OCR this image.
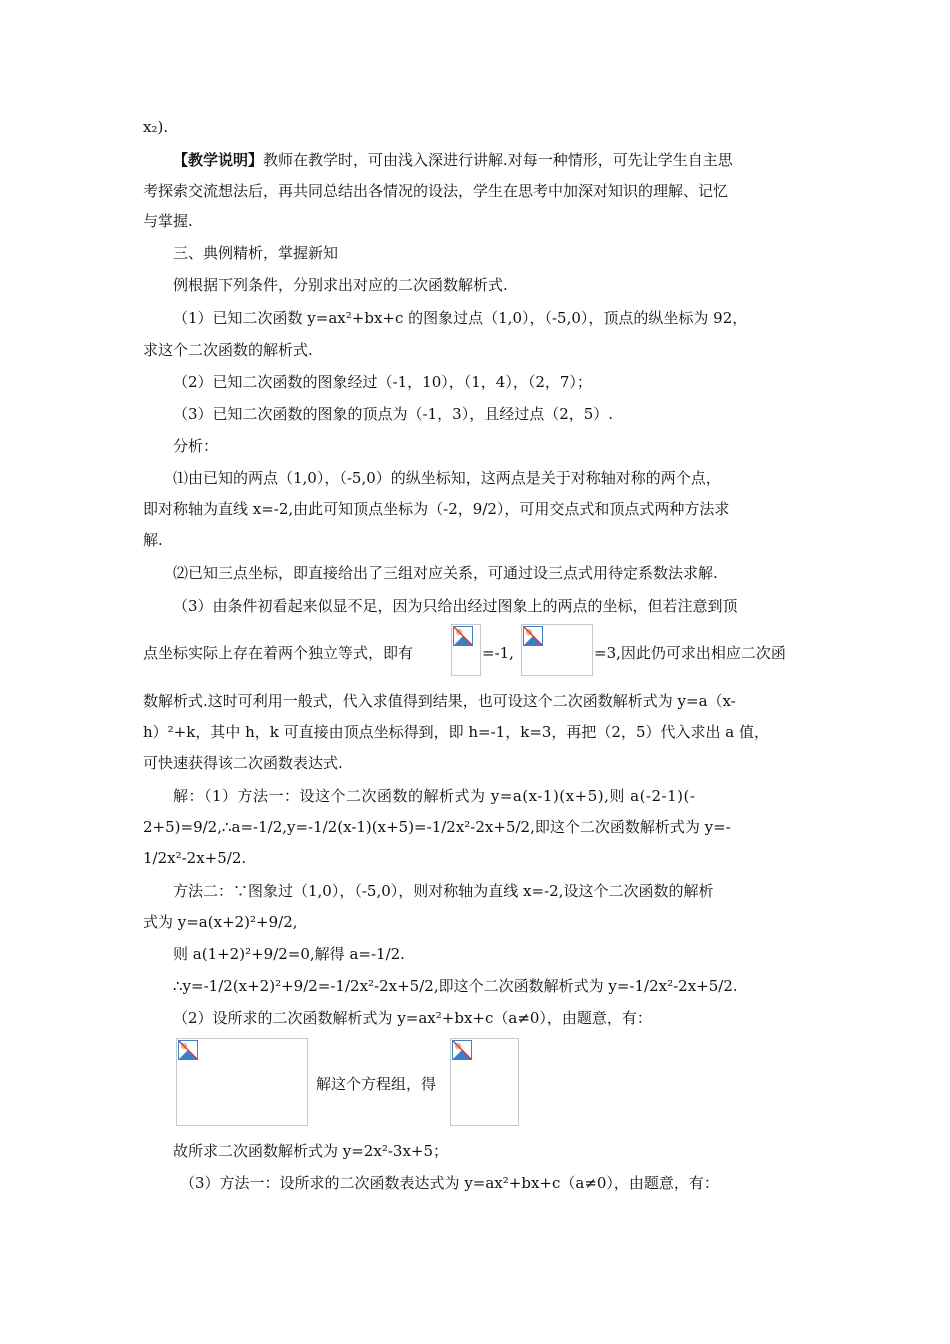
x₂).
【教学说明】教师在教学时，可由浅入深进行讲解.对每一种情形，可先让学生自主思
考探索交流想法后，再共同总结出各情况的设法，学生在思考中加深对知识的理解、记忆
与掌握.
三、典例精析，掌握新知
例根据下列条件，分别求出对应的二次函数解析式.
（1）已知二次函数 y=ax²+bx+c 的图象过点（1,0），（-5,0），顶点的纵坐标为 92，
求这个二次函数的解析式.
（2）已知二次函数的图象经过（-1，10），（1，4），（2，7）；
（3）已知二次函数的图象的顶点为（-1，3），且经过点（2，5）.
分析：
⑴由已知的两点（1,0），（-5,0）的纵坐标知，这两点是关于对称轴对称的两个点，
即对称轴为直线 x=-2,由此可知顶点坐标为（-2，9/2），可用交点式和顶点式两种方法求
解.
⑵已知三点坐标，即直接给出了三组对应关系，可通过设三点式用待定系数法求解.
（3）由条件初看起来似显不足，因为只给出经过图象上的两点的坐标，但若注意到顶
点坐标实际上存在着两个独立等式，即有	=-1,	=3,因此仍可求出相应二次函
数解析式.这时可利用一般式，代入求值得到结果，也可设这个二次函数解析式为 y=a（x-
h）²+k，其中 h，k 可直接由顶点坐标得到，即 h=-1，k=3，再把（2，5）代入求出 a 值，
可快速获得该二次函数表达式.
解：（1）方法一：设这个二次函数的解析式为 y=a(x-1)(x+5),则 a(-2-1)(-
2+5)=9/2,∴a=-1/2,y=-1/2(x-1)(x+5)=-1/2x²-2x+5/2,即这个二次函数解析式为 y=-
1/2x²-2x+5/2.
方法二：∵图象过（1,0），（-5,0），则对称轴为直线 x=-2,设这个二次函数的解析
式为 y=a(x+2)²+9/2,
则 a(1+2)²+9/2=0,解得 a=-1/2.
∴y=-1/2(x+2)²+9/2=-1/2x²-2x+5/2,即这个二次函数解析式为 y=-1/2x²-2x+5/2.
（2）设所求的二次函数解析式为 y=ax²+bx+c（a≠0），由题意，有：
解这个方程组，得
故所求二次函数解析式为 y=2x²-3x+5；
（3）方法一：设所求的二次函数表达式为 y=ax²+bx+c（a≠0），由题意，有：
